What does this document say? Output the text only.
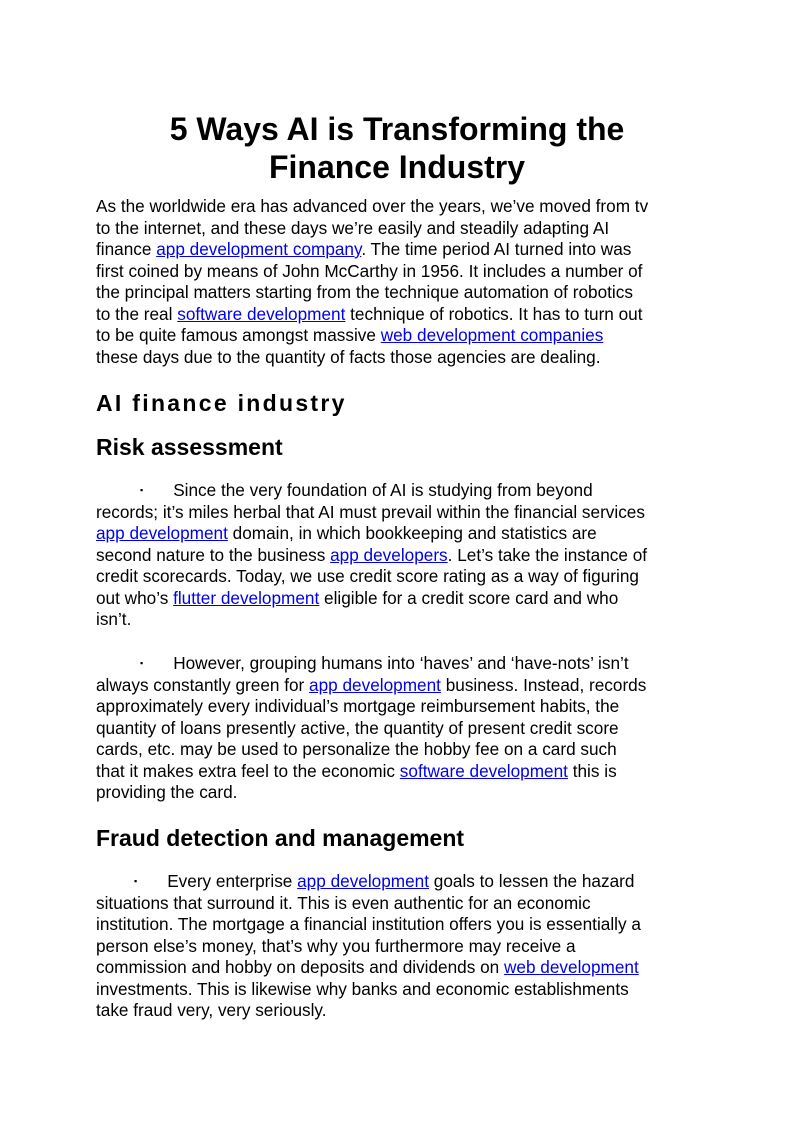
5 Ways AI is Transforming the
Finance Industry
As the worldwide era has advanced over the years, we’ve moved from tv
to the internet, and these days we’re easily and steadily adapting AI
finance app development company. The time period AI turned into was
first coined by means of John McCarthy in 1956. It includes a number of
the principal matters starting from the technique automation of robotics
to the real software development technique of robotics. It has to turn out
to be quite famous amongst massive web development companies
these days due to the quantity of facts those agencies are dealing.
AI finance industry
Risk assessment
▪ Since the very foundation of AI is studying from beyond
records; it’s miles herbal that AI must prevail within the financial services
app development domain, in which bookkeeping and statistics are
second nature to the business app developers. Let’s take the instance of
credit scorecards. Today, we use credit score rating as a way of figuring
out who’s flutter development eligible for a credit score card and who
isn’t.
▪ However, grouping humans into ‘haves’ and ‘have-nots’ isn’t
always constantly green for app development business. Instead, records
approximately every individual’s mortgage reimbursement habits, the
quantity of loans presently active, the quantity of present credit score
cards, etc. may be used to personalize the hobby fee on a card such
that it makes extra feel to the economic software development this is
providing the card.
Fraud detection and management
▪ Every enterprise app development goals to lessen the hazard
situations that surround it. This is even authentic for an economic
institution. The mortgage a financial institution offers you is essentially a
person else’s money, that’s why you furthermore may receive a
commission and hobby on deposits and dividends on web development
investments. This is likewise why banks and economic establishments
take fraud very, very seriously.
